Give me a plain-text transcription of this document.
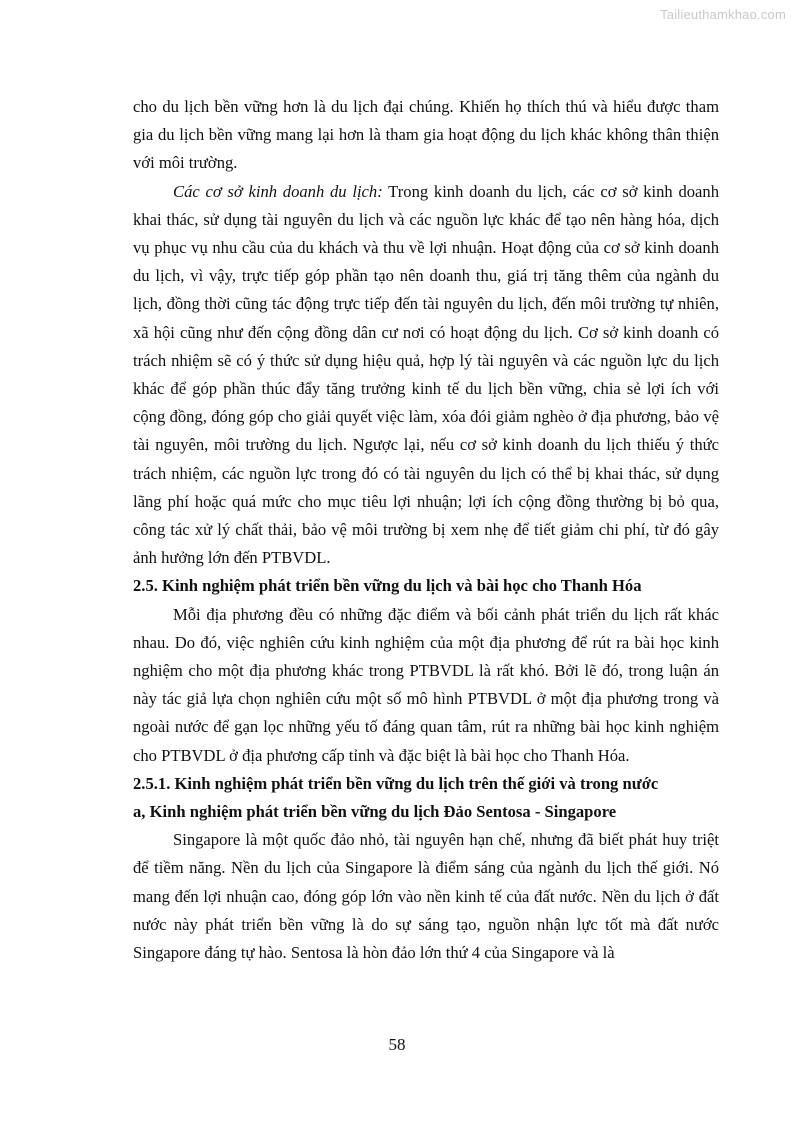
Tailieuthamkhao.com

cho du lịch bền vững hơn là du lịch đại chúng. Khiến họ thích thú và hiểu được tham gia du lịch bền vững mang lại hơn là tham gia hoạt động du lịch khác không thân thiện với môi trường.

Các cơ sở kinh doanh du lịch: Trong kinh doanh du lịch, các cơ sở kinh doanh khai thác, sử dụng tài nguyên du lịch và các nguồn lực khác để tạo nên hàng hóa, dịch vụ phục vụ nhu cầu của du khách và thu về lợi nhuận. Hoạt động của cơ sở kinh doanh du lịch, vì vậy, trực tiếp góp phần tạo nên doanh thu, giá trị tăng thêm của ngành du lịch, đồng thời cũng tác động trực tiếp đến tài nguyên du lịch, đến môi trường tự nhiên, xã hội cũng như đến cộng đồng dân cư nơi có hoạt động du lịch. Cơ sở kinh doanh có trách nhiệm sẽ có ý thức sử dụng hiệu quả, hợp lý tài nguyên và các nguồn lực du lịch khác để góp phần thúc đẩy tăng trưởng kinh tế du lịch bền vững, chia sẻ lợi ích với cộng đồng, đóng góp cho giải quyết việc làm, xóa đói giảm nghèo ở địa phương, bảo vệ tài nguyên, môi trường du lịch. Ngược lại, nếu cơ sở kinh doanh du lịch thiếu ý thức trách nhiệm, các nguồn lực trong đó có tài nguyên du lịch có thể bị khai thác, sử dụng lãng phí hoặc quá mức cho mục tiêu lợi nhuận; lợi ích cộng đồng thường bị bỏ qua, công tác xử lý chất thải, bảo vệ môi trường bị xem nhẹ để tiết giảm chi phí, từ đó gây ảnh hưởng lớn đến PTBVDL.

2.5. Kinh nghiệm phát triển bền vững du lịch và bài học cho Thanh Hóa

Mỗi địa phương đều có những đặc điểm và bối cảnh phát triển du lịch rất khác nhau. Do đó, việc nghiên cứu kinh nghiệm của một địa phương để rút ra bài học kinh nghiệm cho một địa phương khác trong PTBVDL là rất khó. Bởi lẽ đó, trong luận án này tác giả lựa chọn nghiên cứu một số mô hình PTBVDL ở một địa phương trong và ngoài nước để gạn lọc những yếu tố đáng quan tâm, rút ra những bài học kinh nghiệm cho PTBVDL ở địa phương cấp tỉnh và đặc biệt là bài học cho Thanh Hóa.

2.5.1. Kinh nghiệm phát triển bền vững du lịch trên thế giới và trong nước
a, Kinh nghiệm phát triển bền vững du lịch Đảo Sentosa - Singapore

Singapore là một quốc đảo nhỏ, tài nguyên hạn chế, nhưng đã biết phát huy triệt để tiềm năng. Nền du lịch của Singapore là điểm sáng của ngành du lịch thế giới. Nó mang đến lợi nhuận cao, đóng góp lớn vào nền kinh tế của đất nước. Nền du lịch ở đất nước này phát triển bền vững là do sự sáng tạo, nguồn nhận lực tốt mà đất nước Singapore đáng tự hào. Sentosa là hòn đảo lớn thứ 4 của Singapore và là

58
